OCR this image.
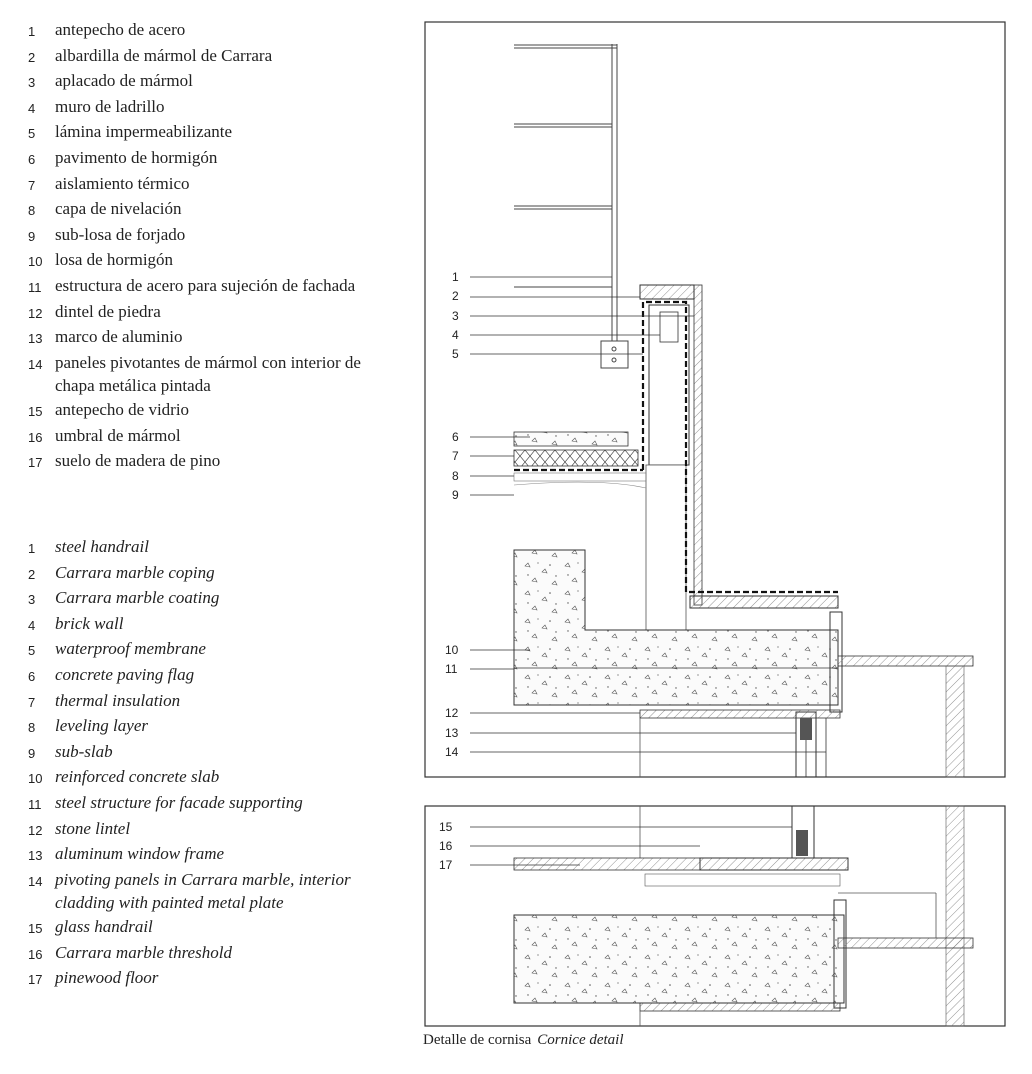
1	antepecho de acero
2	albardilla de mármol de Carrara
3	aplacado de mármol
4	muro de ladrillo
5	lámina impermeabilizante
6	pavimento de hormigón
7	aislamiento térmico
8	capa de nivelación
9	sub-losa de forjado
10 losa de hormigón
11 estructura de acero para sujeción de fachada
12 dintel de piedra
13 marco de aluminio
14 paneles pivotantes de mármol con interior de chapa metálica pintada
15 antepecho de vidrio
16 umbral de mármol
17 suelo de madera de pino
1	steel handrail
2	Carrara marble coping
3	Carrara marble coating
4	brick wall
5	waterproof membrane
6	concrete paving flag
7	thermal insulation
8	leveling layer
9	sub-slab
10 reinforced concrete slab
11 steel structure for facade supporting
12 stone lintel
13 aluminum window frame
14 pivoting panels in Carrara marble, interior cladding with painted metal plate
15 glass handrail
16 Carrara marble threshold
17 pinewood floor
1
2
3
4
5
6
7
8
9
10
11
12
13
14
15
16
17
Detalle de cornisa Cornice detail
